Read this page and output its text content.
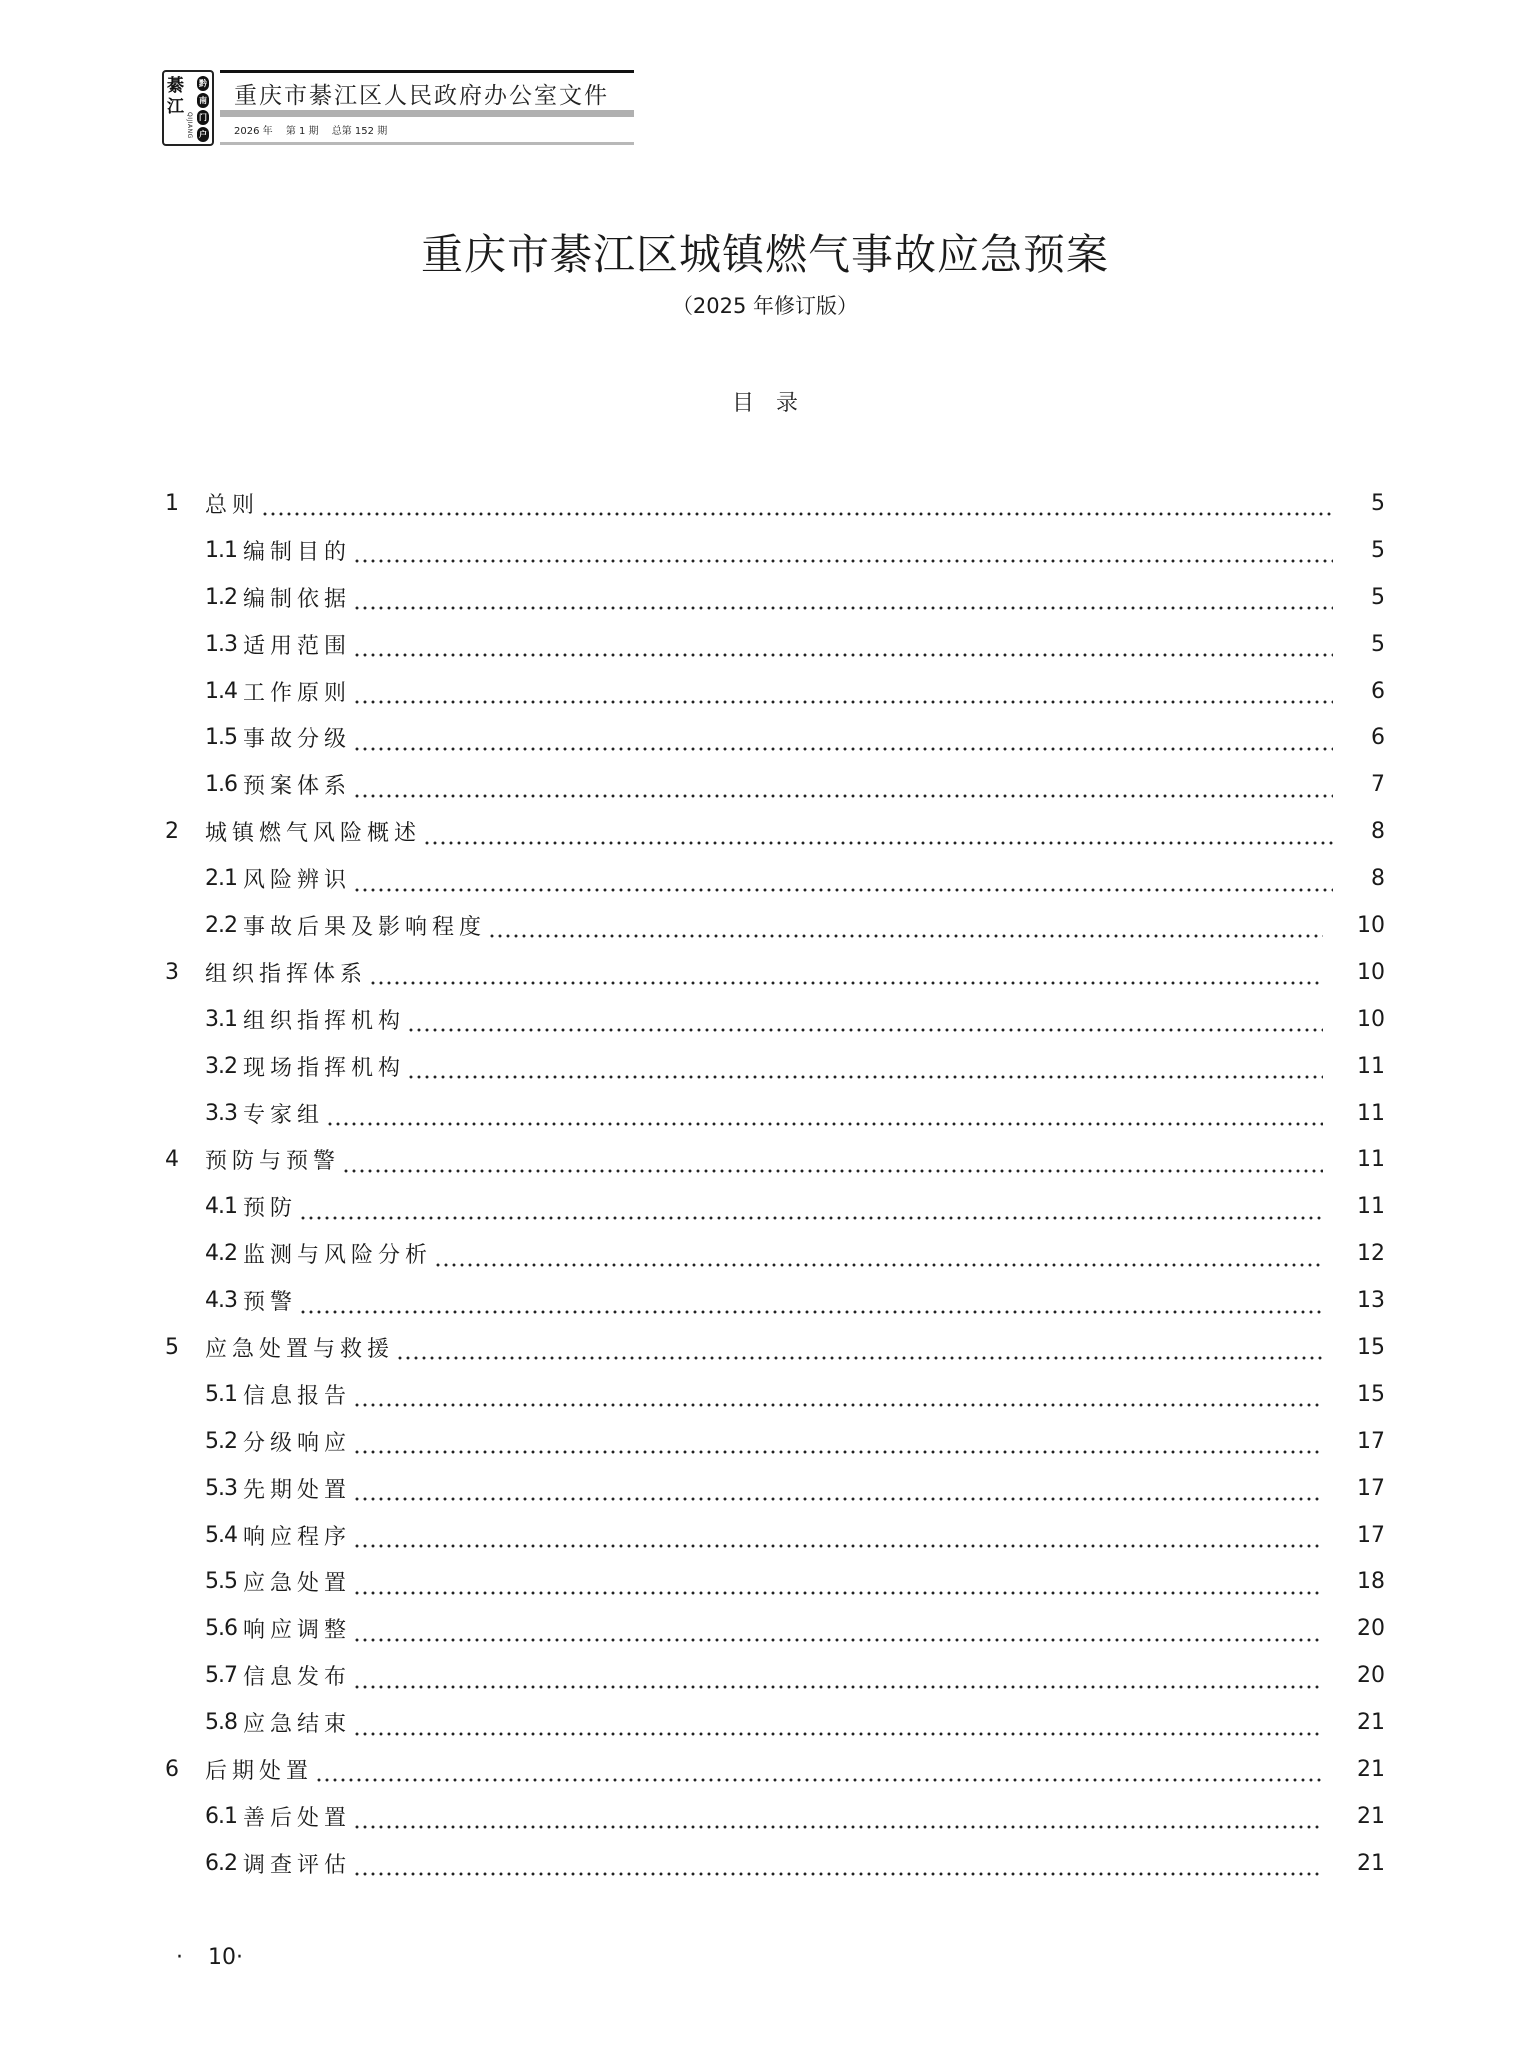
綦江
QIJIANG
黔
南
门
户
重庆市綦江区人民政府办公室文件
2026 年 第 1 期 总第 152 期
重庆市綦江区城镇燃气事故应急预案
（2025 年修订版）
目录
1	总则	5
1.1 编制目的	5
1.2 编制依据	5
1.3 适用范围	5
1.4 工作原则	6
1.5 事故分级	6
1.6 预案体系	7
2	城镇燃气风险概述	8
2.1 风险辨识	8
2.2 事故后果及影响程度	10
3	组织指挥体系	10
3.1 组织指挥机构	10
3.2 现场指挥机构	11
3.3 专家组	11
4	预防与预警	11
4.1 预防	11
4.2 监测与风险分析	12
4.3 预警	13
5	应急处置与救援	15
5.1 信息报告	15
5.2 分级响应	17
5.3 先期处置	17
5.4 响应程序	17
5.5 应急处置	18
5.6 响应调整	20
5.7 信息发布	20
5.8 应急结束	21
6	后期处置	21
6.1 善后处置	21
6.2 调查评估	21
· 10·
